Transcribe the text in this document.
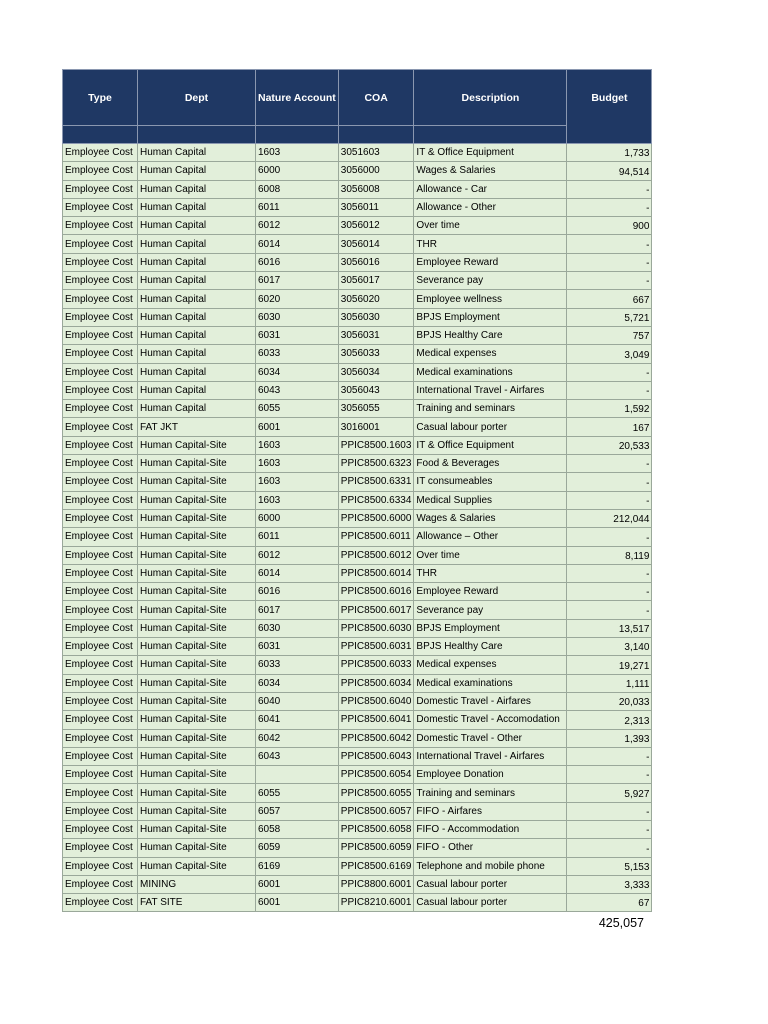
Type	Dept	Nature Account	COA	Description	Budget

Employee Cost	Human Capital	1603	3051603	IT & Office Equipment	1,733
Employee Cost	Human Capital	6000	3056000	Wages & Salaries	94,514
Employee Cost	Human Capital	6008	3056008	Allowance - Car	-
Employee Cost	Human Capital	6011	3056011	Allowance - Other	-
Employee Cost	Human Capital	6012	3056012	Over time	900
Employee Cost	Human Capital	6014	3056014	THR	-
Employee Cost	Human Capital	6016	3056016	Employee Reward	-
Employee Cost	Human Capital	6017	3056017	Severance pay	-
Employee Cost	Human Capital	6020	3056020	Employee wellness	667
Employee Cost	Human Capital	6030	3056030	BPJS Employment	5,721
Employee Cost	Human Capital	6031	3056031	BPJS Healthy Care	757
Employee Cost	Human Capital	6033	3056033	Medical expenses	3,049
Employee Cost	Human Capital	6034	3056034	Medical examinations	-
Employee Cost	Human Capital	6043	3056043	International Travel - Airfares	-
Employee Cost	Human Capital	6055	3056055	Training and seminars	1,592
Employee Cost	FAT JKT	6001	3016001	Casual labour porter	167
Employee Cost	Human Capital-Site	1603	PPIC8500.1603	IT & Office Equipment	20,533
Employee Cost	Human Capital-Site	1603	PPIC8500.6323	Food & Beverages	-
Employee Cost	Human Capital-Site	1603	PPIC8500.6331	IT consumeables	-
Employee Cost	Human Capital-Site	1603	PPIC8500.6334	Medical Supplies	-
Employee Cost	Human Capital-Site	6000	PPIC8500.6000	Wages & Salaries	212,044
Employee Cost	Human Capital-Site	6011	PPIC8500.6011	Allowance – Other	-
Employee Cost	Human Capital-Site	6012	PPIC8500.6012	Over time	8,119
Employee Cost	Human Capital-Site	6014	PPIC8500.6014	THR	-
Employee Cost	Human Capital-Site	6016	PPIC8500.6016	Employee Reward	-
Employee Cost	Human Capital-Site	6017	PPIC8500.6017	Severance pay	-
Employee Cost	Human Capital-Site	6030	PPIC8500.6030	BPJS Employment	13,517
Employee Cost	Human Capital-Site	6031	PPIC8500.6031	BPJS Healthy Care	3,140
Employee Cost	Human Capital-Site	6033	PPIC8500.6033	Medical expenses	19,271
Employee Cost	Human Capital-Site	6034	PPIC8500.6034	Medical examinations	1,111
Employee Cost	Human Capital-Site	6040	PPIC8500.6040	Domestic Travel - Airfares	20,033
Employee Cost	Human Capital-Site	6041	PPIC8500.6041	Domestic Travel - Accomodation	2,313
Employee Cost	Human Capital-Site	6042	PPIC8500.6042	Domestic Travel - Other	1,393
Employee Cost	Human Capital-Site	6043	PPIC8500.6043	International Travel - Airfares	-
Employee Cost	Human Capital-Site		PPIC8500.6054	Employee Donation	-
Employee Cost	Human Capital-Site	6055	PPIC8500.6055	Training and seminars	5,927
Employee Cost	Human Capital-Site	6057	PPIC8500.6057	FIFO - Airfares	-
Employee Cost	Human Capital-Site	6058	PPIC8500.6058	FIFO - Accommodation	-
Employee Cost	Human Capital-Site	6059	PPIC8500.6059	FIFO - Other	-
Employee Cost	Human Capital-Site	6169	PPIC8500.6169	Telephone and mobile phone	5,153
Employee Cost	MINING	6001	PPIC8800.6001	Casual labour porter	3,333
Employee Cost	FAT SITE	6001	PPIC8210.6001	Casual labour porter	67
425,057
